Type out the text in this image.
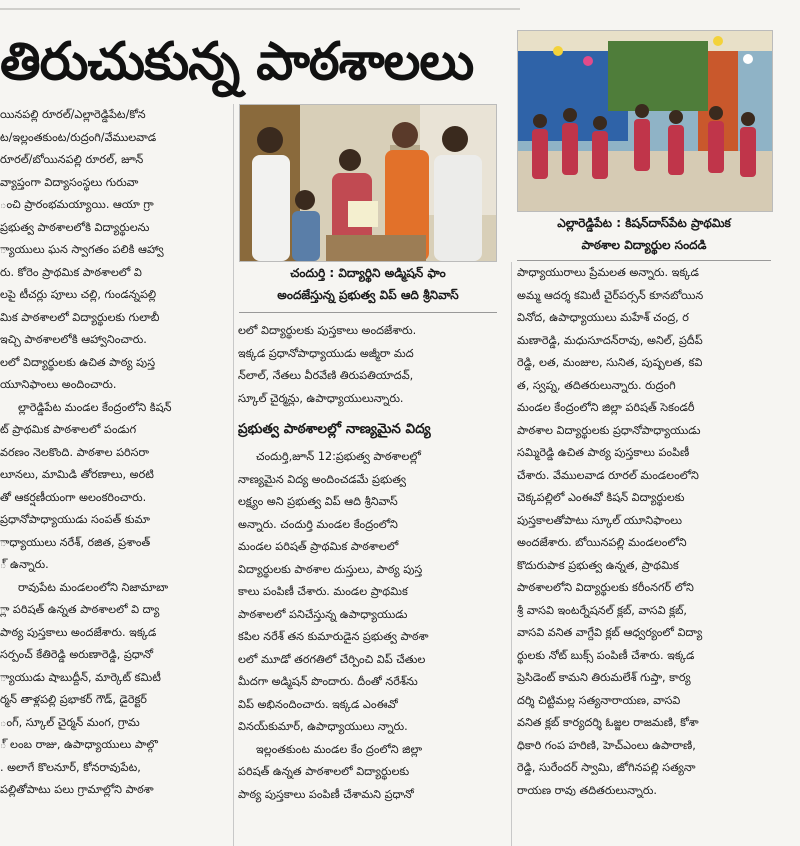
తిరుచుకున్న పాఠశాలలు

యినపల్లి రూరల్/ఎల్లారెడ్డిపేట/కోన

ట/ఇల్లంతకుంట/రుద్రంగి/వేములవాడ

రూరల్/బోయినపల్లి రూరల్, జూన్

వ్యాప్తంగా విద్యాసంస్థలు గురువా

ంచి ప్రారంభమయ్యాయి. ఆయా గ్రా

ప్రభుత్వ పాఠశాలలోకి విద్యార్థులను

్యాయులు ఘన స్వాగతం పలికి ఆహ్వా

రు. కోరెం ప్రాథమిక పాఠశాలలో వి

లపై టీచర్లు పూలు చల్లి, గుండన్నపల్లి

మిక పాఠశాలలో విద్యార్థులకు గులాబీ

ఇచ్చి పాఠశాలలోకి ఆహ్వానించారు.

లలో విద్యార్థులకు ఉచిత పాఠ్య పుస్త

యూనిఫాంలు అందించారు.

ల్లారెడ్డిపేట మండల కేంద్రంలోని కిషన్

ట్ ప్రాథమిక పాఠశాలలో పండుగ

వరణం నెలకొంది. పాఠశాల పరిసరా

లూనలు, మామిడి తోరణాలు, అరటి

తో ఆకర్షణీయంగా అలంకరించారు.

ప్రధానోపాధ్యాయుడు సంపత్ కుమా

ాధ్యాయులు నరేశ్, రజిత, ప్రశాంత్

్ ఉన్నారు.

రావుపేట మండలంలోని నిజామాబా

్లా పరిషత్ ఉన్నత పాఠశాలలో వి ద్యా

పాఠ్య పుస్తకాలు అందజేశారు. ఇక్కడ

సర్పంచ్ కేతిరెడ్డి అరుణారెడ్డి, ప్రధానో

్యాయుడు షాబుద్దీన్, మార్కెట్ కమిటీ

ర్మన్ తాళ్లపల్లి ప్రభాకర్ గౌడ్, డైరెక్టర్

ంగ్, స్కూల్ చైర్మన్ మంగ, గ్రామ

్ లంబ రాజు, ఉపాధ్యాయులు పాల్గొ

. అలాగే కొలనూర్, కోనరావుపేట,

పల్లితోపాటు పలు గ్రామాల్లోని పాఠశా

చందుర్తి : విద్యార్థిని అడ్మిషన్ ఫాం

అందజేస్తున్న ప్రభుత్వ విప్ ఆది శ్రీనివాస్

లలో విద్యార్థులకు పుస్తకాలు అందజేశారు.

ఇక్కడ ప్రధానోపాధ్యాయుడు అజ్మీరా మద

న్‌లాల్, నేతలు వీరవేణి తిరుపతియాదవ్,

స్కూల్ చైర్మన్లు, ఉపాధ్యాయులున్నారు.

ప్రభుత్వ పాఠశాలల్లో నాణ్యమైన విద్య

చందుర్తి,జూన్ 12:ప్రభుత్వ పాఠశాలల్లో

నాణ్యమైన విద్య అందించడమే ప్రభుత్వ

లక్ష్యం అని ప్రభుత్వ విప్ ఆది శ్రీనివాస్

అన్నారు. చందుర్తి మండల కేంద్రంలోని

మండల పరిషత్ ప్రాథమిక పాఠశాలలో

విద్యార్థులకు పాఠశాల దుస్తులు, పాఠ్య పుస్త

కాలు పంపిణీ చేశారు. మండల ప్రాథమిక

పాఠశాలలో పనిచేస్తున్న ఉపాధ్యాయుడు

కపిల నరేశ్ తన కుమారుడైన ప్రభుత్వ పాఠశా

లలో మూడో తరగతిలో చేర్పించి విప్ చేతుల

మీదగా అడ్మిషన్ పొందారు. దీంతో నరేశ్‌ను

విప్ అభినందించారు. ఇక్కడ ఎంఈవో

వినయ్‌కుమార్, ఉపాధ్యాయులు న్నారు.

ఇల్లంతకుంట మండల కేం ద్రంలోని జిల్లా

పరిషత్ ఉన్నత పాఠశాలలో విద్యార్థులకు

పాఠ్య పుస్తకాలు పంపిణీ చేశామని ప్రధానో

ఎల్లారెడ్డిపేట : కిషన్‌దాస్‌పేట ప్రాథమిక

పాఠశాల విద్యార్థుల సందడి

పాధ్యాయురాలు ప్రేమలత అన్నారు. ఇక్కడ

అమ్మ ఆదర్శ కమిటీ చైర్‌పర్సన్ కూనబోయిన

వినోద, ఉపాధ్యాయులు మహేశ్ చంద్ర, ర

మణారెడ్డి, మధుసూదన్‌రావు, అనిల్, ప్రదీప్

రెడ్డి, లత, మంజుల, సునిత, పుష్పలత, కవి

త, స్వప్న, తదితరులున్నారు. రుద్రంగి

మండల కేంద్రంలోని జిల్లా పరిషత్ సెకండరీ

పాఠశాల విద్యార్థులకు ప్రధానోపాధ్యాయుడు

సమ్మిరెడ్డి ఉచిత పాఠ్య పుస్తకాలు పంపిణీ

చేశారు. వేములవాడ రూరల్ మండలంలోని

చెక్కపల్లిలో ఎంఈవో కిషన్ విద్యార్థులకు

పుస్తకాలతోపాటు స్కూల్ యూనిఫాంలు

అందజేశారు. బోయినపల్లి మండలంలోని

కొదురుపాక ప్రభుత్వ ఉన్నత, ప్రాథమిక

పాఠశాలలోని విద్యార్థులకు కరీంనగర్ లోని

శ్రీ వాసవి ఇంటర్నేషనల్ క్లబ్, వాసవి క్లబ్,

వాసవి వనిత వాగ్దేవి క్లబ్ ఆధ్వర్యంలో విద్యా

ర్థులకు నోట్ బుక్స్ పంపిణీ చేశారు. ఇక్కడ

ప్రెసిడెంట్ కామని తిరుమలేశ్ గుప్తా, కార్య

దర్శి చిట్టిమల్ల సత్యనారాయణ, వాసవి

వనిత క్లబ్ కార్యదర్శి ఓజ్జల రాజమణి, కోశా

ధికారి గంప హరిణి, హెచ్‌ఎంలు ఉపారాణి,

రెడ్డి, సురేందర్ స్వామి, జోగినపల్లి సత్యనా

రాయణ రావు తదితరులున్నారు.
